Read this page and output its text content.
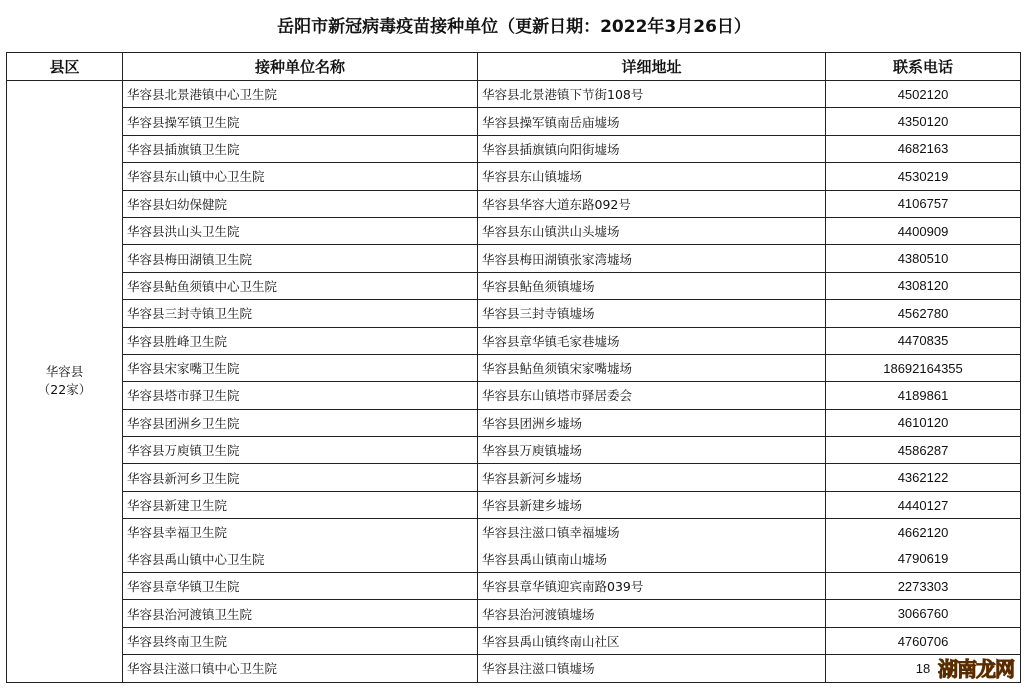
岳阳市新冠病毒疫苗接种单位（更新日期：2022年3月26日）
县区	接种单位名称	详细地址	联系电话
华容县
（22家）	华容县北景港镇中心卫生院	华容县北景港镇下节街108号	4502120
华容县操军镇卫生院	华容县操军镇南岳庙墟场	4350120
华容县插旗镇卫生院	华容县插旗镇向阳街墟场	4682163
华容县东山镇中心卫生院	华容县东山镇墟场	4530219
华容县妇幼保健院	华容县华容大道东路092号	4106757
华容县洪山头卫生院	华容县东山镇洪山头墟场	4400909
华容县梅田湖镇卫生院	华容县梅田湖镇张家湾墟场	4380510
华容县鲇鱼须镇中心卫生院	华容县鲇鱼须镇墟场	4308120
华容县三封寺镇卫生院	华容县三封寺镇墟场	4562780
华容县胜峰卫生院	华容县章华镇毛家巷墟场	4470835
华容县宋家嘴卫生院	华容县鲇鱼须镇宋家嘴墟场	18692164355
华容县塔市驿卫生院	华容县东山镇塔市驿居委会	4189861
华容县团洲乡卫生院	华容县团洲乡墟场	4610120
华容县万庾镇卫生院	华容县万庾镇墟场	4586287
华容县新河乡卫生院	华容县新河乡墟场	4362122
华容县新建卫生院	华容县新建乡墟场	4440127
华容县幸福卫生院	华容县注滋口镇幸福墟场	4662120
华容县禹山镇中心卫生院	华容县禹山镇南山墟场	4790619
华容县章华镇卫生院	华容县章华镇迎宾南路039号	2273303
华容县治河渡镇卫生院	华容县治河渡镇墟场	3066760
华容县终南卫生院	华容县禹山镇终南山社区	4760706
华容县注滋口镇中心卫生院	华容县注滋口镇墟场	18 湖南龙网
